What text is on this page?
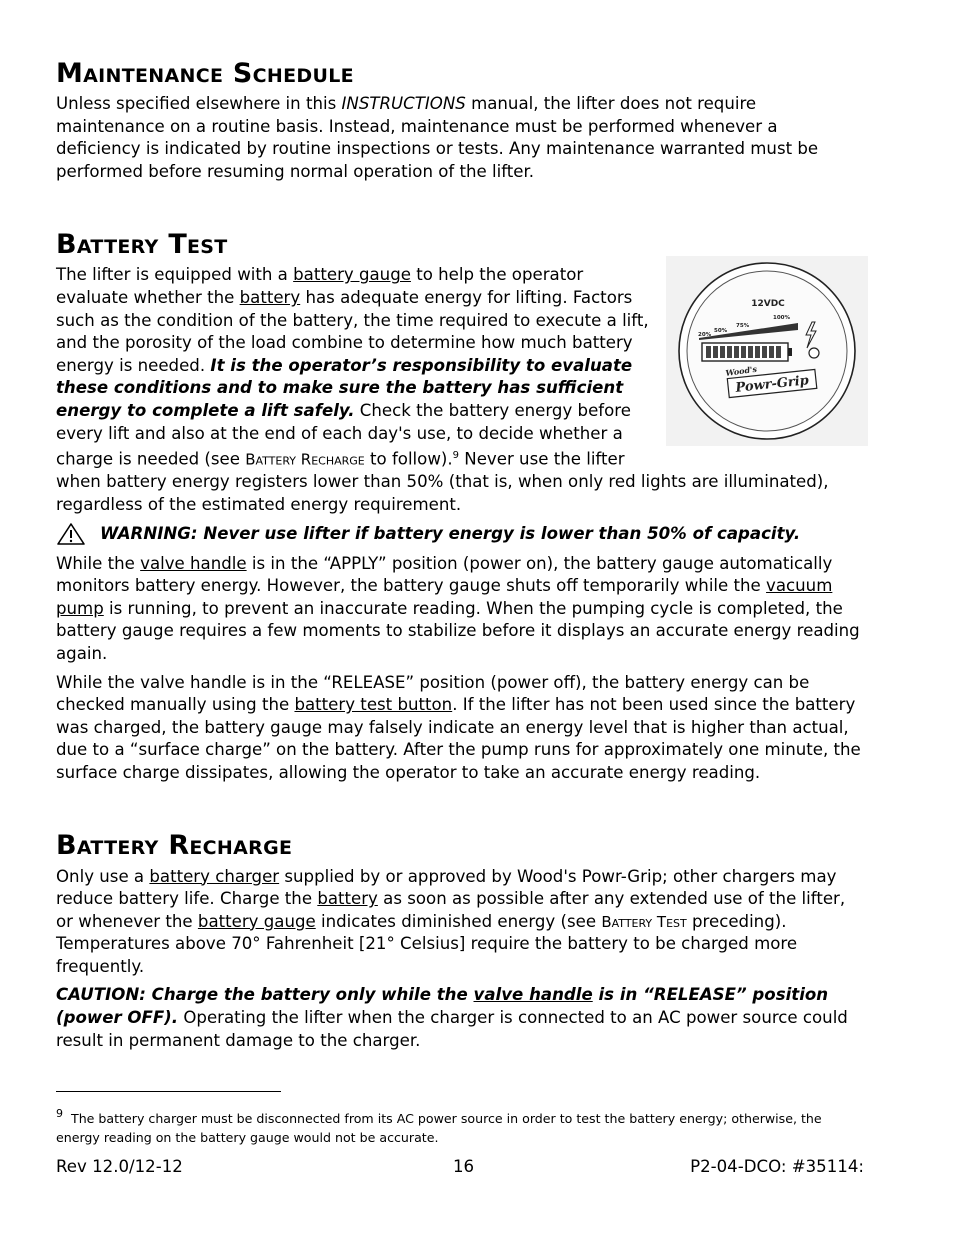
Maintenance Schedule

Unless specified elsewhere in this INSTRUCTIONS manual, the lifter does not require maintenance on a routine basis. Instead, maintenance must be performed whenever a deficiency is indicated by routine inspections or tests. Any maintenance warranted must be performed before resuming normal operation of the lifter.

Battery Test
12VDC
20%
50%
75%
100%
Wood's
Powr-Grip

The lifter is equipped with a battery gauge to help the operator evaluate whether the battery has adequate energy for lifting. Factors such as the condition of the battery, the time required to execute a lift, and the porosity of the load combine to determine how much battery energy is needed. It is the operator’s responsibility to evaluate these conditions and to make sure the battery has sufficient energy to complete a lift safely. Check the battery energy before every lift and also at the end of each day's use, to decide whether a charge is needed (see Battery Recharge to follow).$^9$ Never use the lifter when battery energy registers lower than 50% (that is, when only red lights are illuminated), regardless of the estimated energy requirement.

WARNING: Never use lifter if battery energy is lower than 50% of capacity.

While the valve handle is in the “APPLY” position (power on), the battery gauge automatically monitors battery energy. However, the battery gauge shuts off temporarily while the vacuum pump is running, to prevent an inaccurate reading. When the pumping cycle is completed, the battery gauge requires a few moments to stabilize before it displays an accurate energy reading again.

While the valve handle is in the “RELEASE” position (power off), the battery energy can be checked manually using the battery test button. If the lifter has not been used since the battery was charged, the battery gauge may falsely indicate an energy level that is higher than actual, due to a “surface charge” on the battery. After the pump runs for approximately one minute, the surface charge dissipates, allowing the operator to take an accurate energy reading.

Battery Recharge

Only use a battery charger supplied by or approved by Wood's Powr-Grip; other chargers may reduce battery life. Charge the battery as soon as possible after any extended use of the lifter, or whenever the battery gauge indicates diminished energy (see Battery Test preceding). Temperatures above 70° Fahrenheit [21° Celsius] require the battery to be charged more frequently.

CAUTION: Charge the battery only while the valve handle is in “RELEASE” position (power OFF). Operating the lifter when the charger is connected to an AC power source could result in permanent damage to the charger.

$^9$ The battery charger must be disconnected from its AC power source in order to test the battery energy; otherwise, the energy reading on the battery gauge would not be accurate.
Rev 12.0/12-12	16	P2-04-DCO: #35114:
